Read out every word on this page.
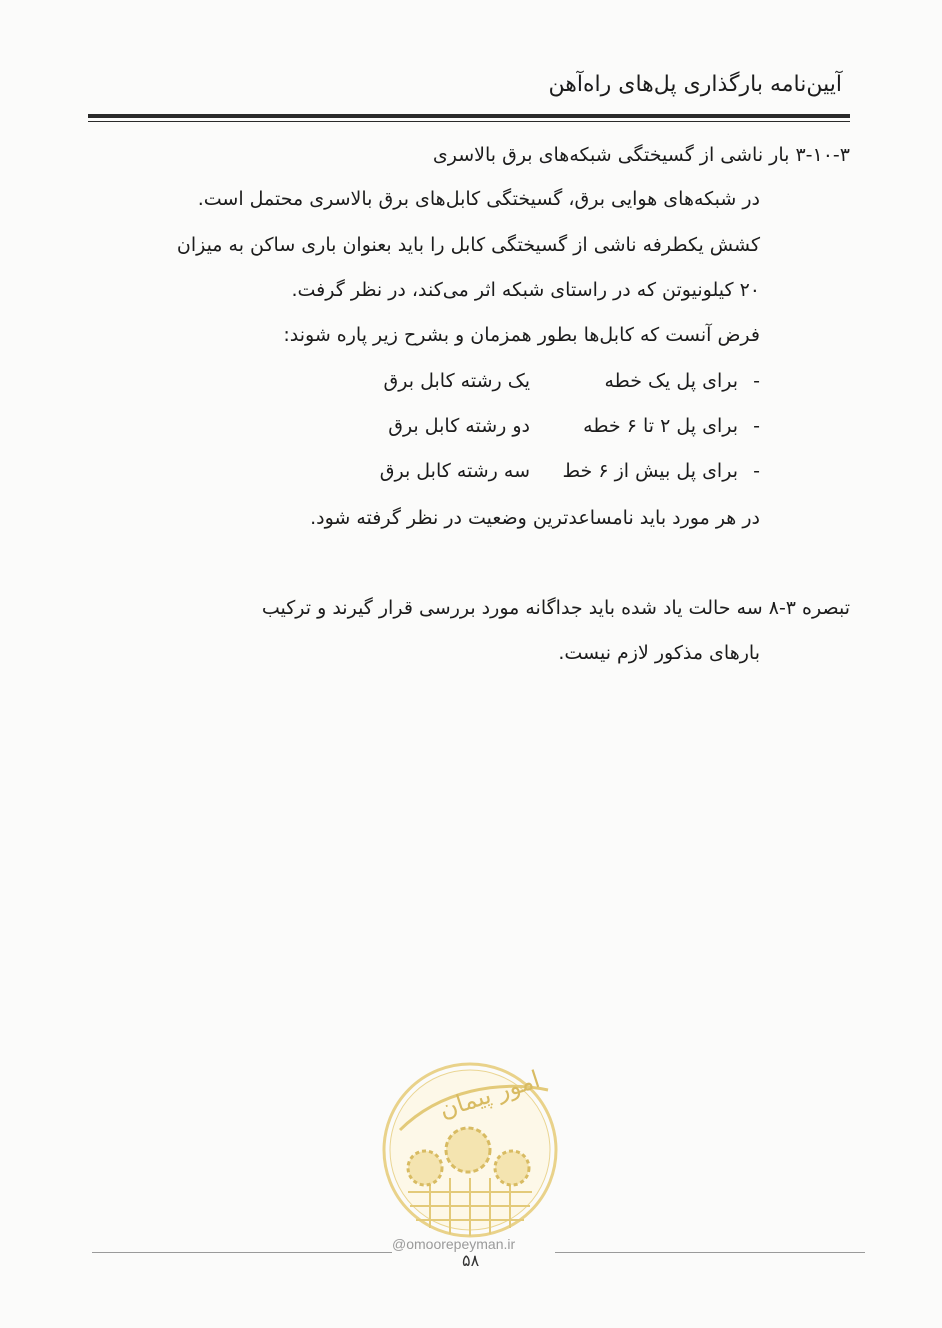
آیین‌نامه بارگذاری پل‌های راه‌آهن
۳-۱۰-۳ بار ناشی از گسیختگی شبکه‌های برق بالاسری
در شبکه‌های هوایی برق، گسیختگی کابل‌های برق بالاسری محتمل است.
کشش یکطرفه ناشی از گسیختگی کابل را باید بعنوان باری ساکن به میزان
۲۰ کیلونیوتن که در راستای شبکه اثر می‌کند، در نظر گرفت.
فرض آنست که کابل‌ها بطور همزمان و بشرح زیر پاره شوند:
-برای پل یک خطهیک رشته کابل برق
-برای پل ۲ تا ۶ خطهدو رشته کابل برق
-برای پل بیش از ۶ خطسه رشته کابل برق
در هر مورد باید نامساعدترین وضعیت در نظر گرفته شود.
تبصره ۳-۸ سه حالت یاد شده باید جداگانه مورد بررسی قرار گیرند و ترکیب
بارهای مذکور لازم نیست.
امور پیمان
@omoorepeyman.ir
۵۸
